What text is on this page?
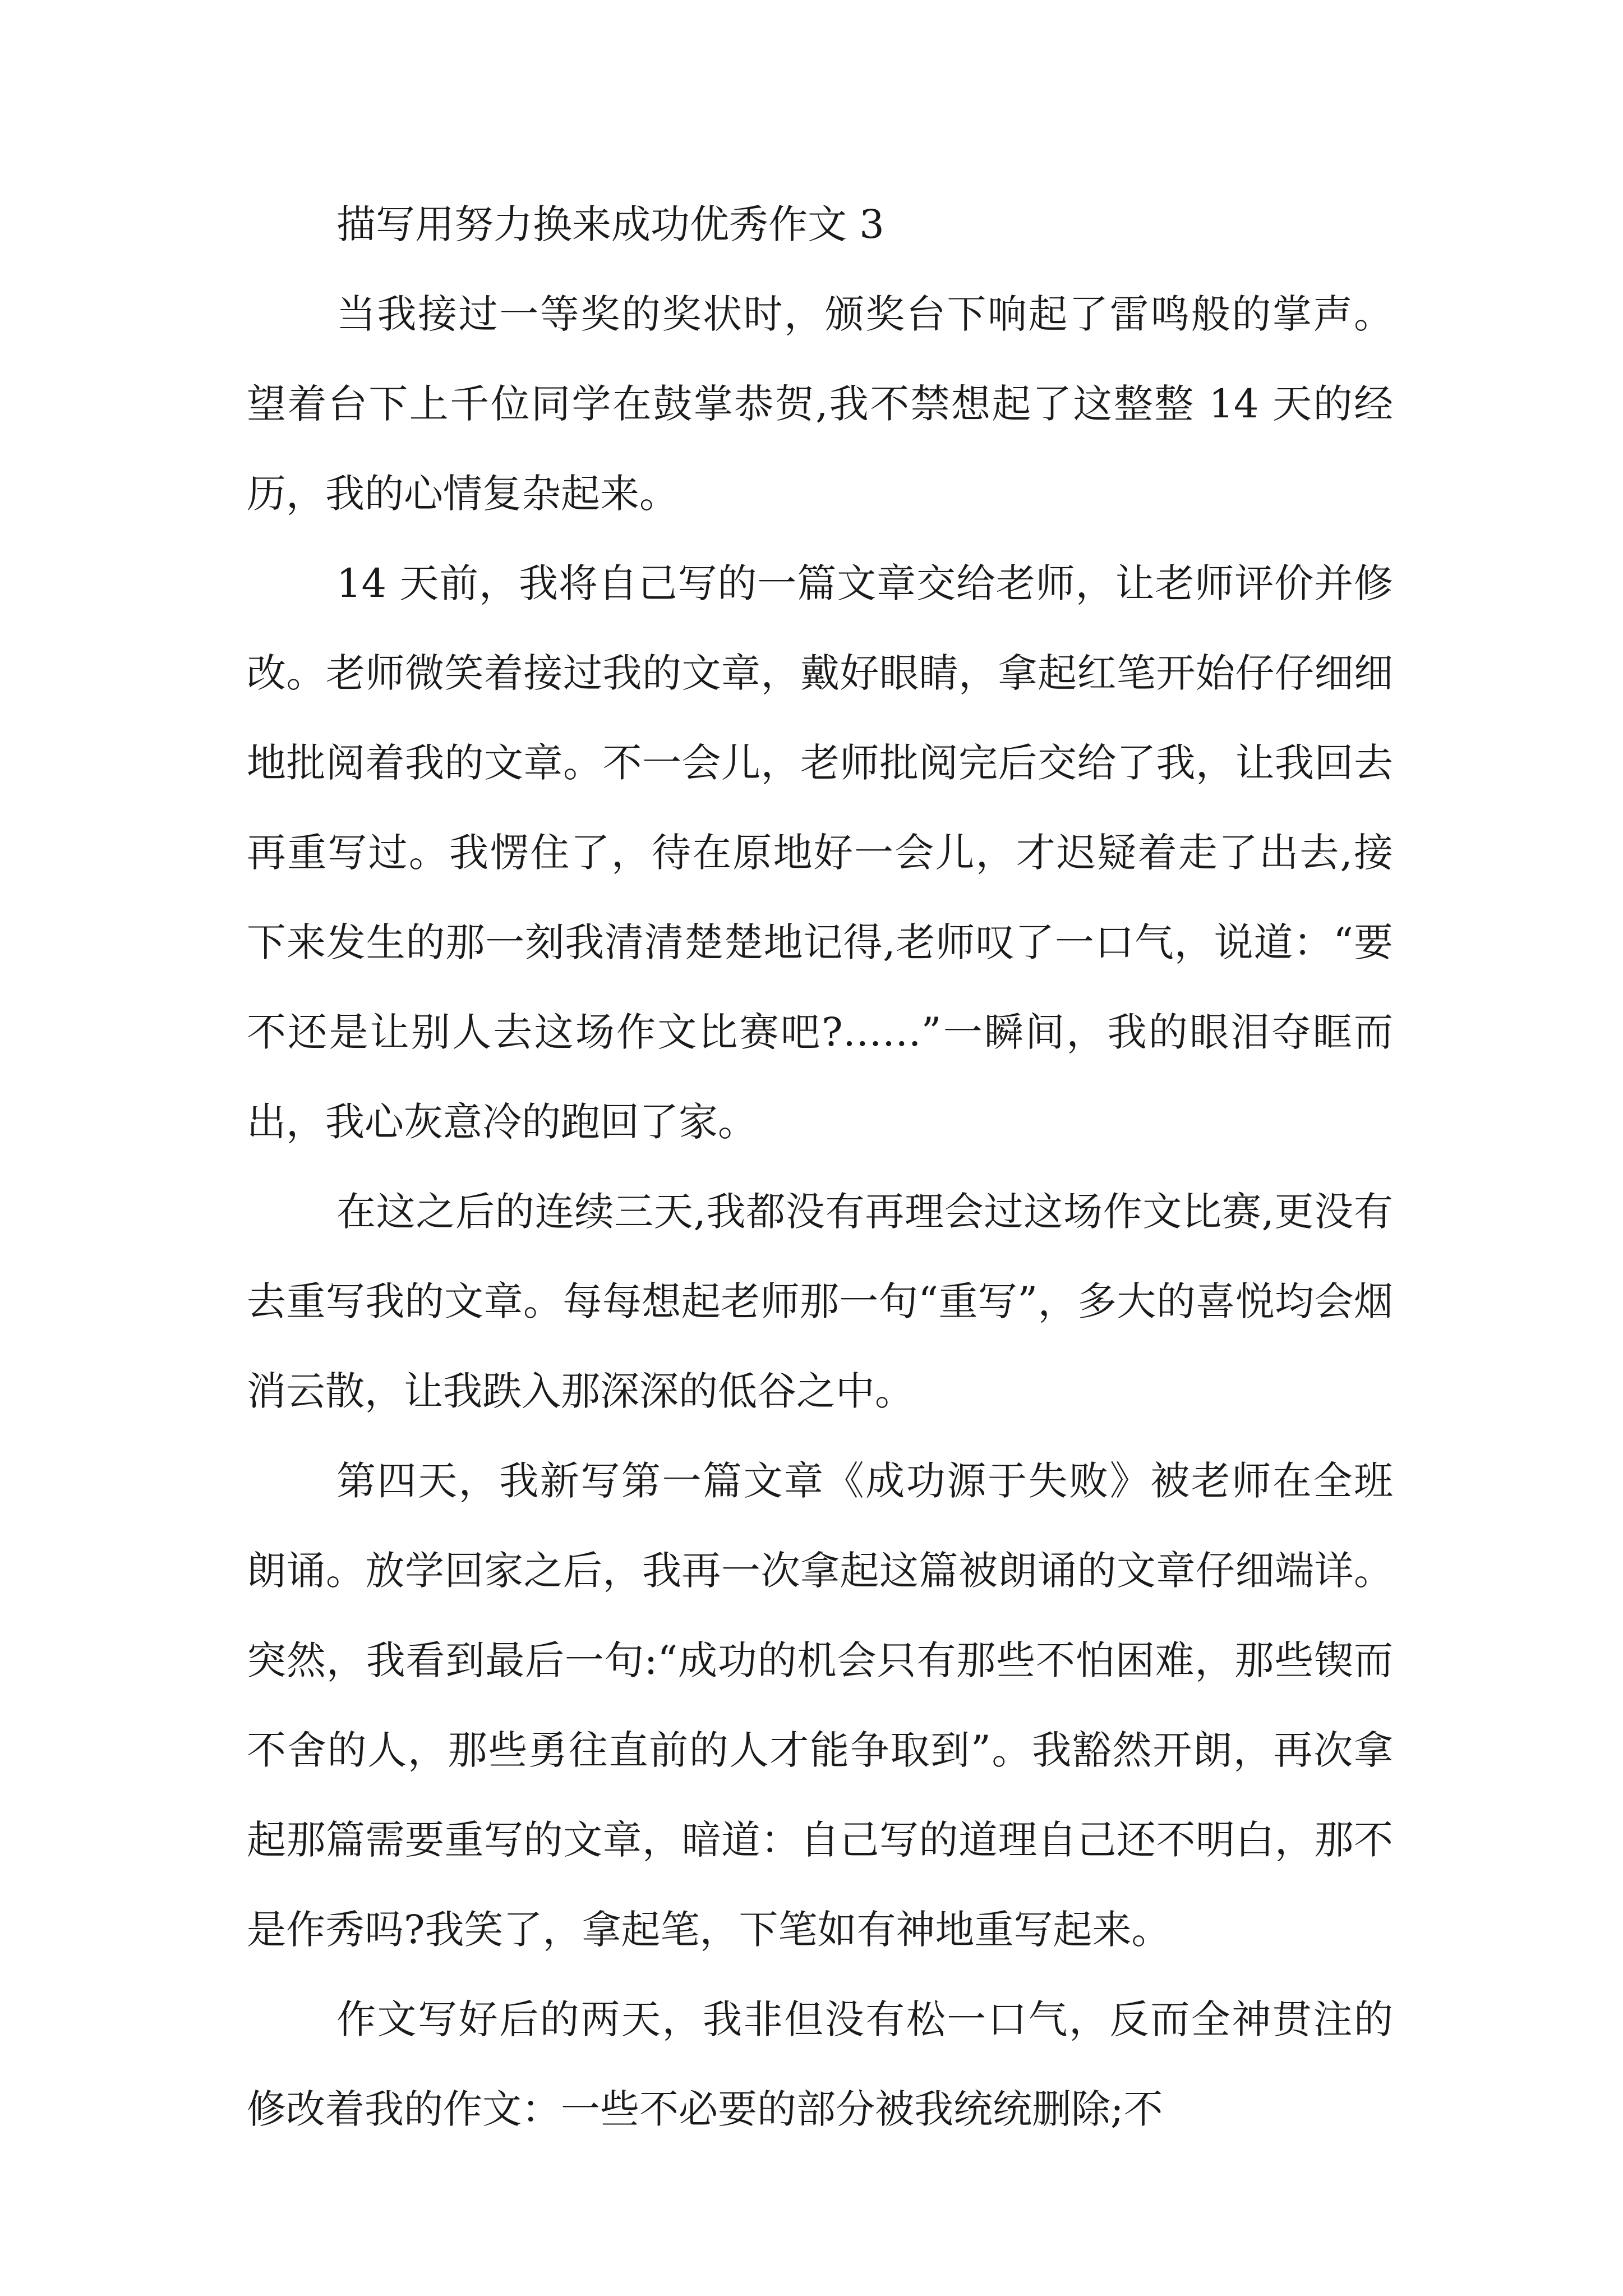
描写用努力换来成功优秀作文 3

当我接过一等奖的奖状时，颁奖台下响起了雷鸣般的掌声。望着台下上千位同学在鼓掌恭贺,我不禁想起了这整整 14 天的经历，我的心情复杂起来。

14 天前，我将自己写的一篇文章交给老师，让老师评价并修改。老师微笑着接过我的文章，戴好眼睛，拿起红笔开始仔仔细细地批阅着我的文章。不一会儿，老师批阅完后交给了我，让我回去再重写过。我愣住了，待在原地好一会儿，才迟疑着走了出去,接下来发生的那一刻我清清楚楚地记得,老师叹了一口气，说道：“要不还是让别人去这场作文比赛吧?……”一瞬间，我的眼泪夺眶而出，我心灰意冷的跑回了家。

在这之后的连续三天,我都没有再理会过这场作文比赛,更没有去重写我的文章。每每想起老师那一句“重写”，多大的喜悦均会烟消云散，让我跌入那深深的低谷之中。

第四天，我新写第一篇文章《成功源于失败》被老师在全班朗诵。放学回家之后，我再一次拿起这篇被朗诵的文章仔细端详。突然，我看到最后一句:“成功的机会只有那些不怕困难，那些锲而不舍的人，那些勇往直前的人才能争取到”。我豁然开朗，再次拿起那篇需要重写的文章，暗道：自己写的道理自己还不明白，那不是作秀吗?我笑了，拿起笔，下笔如有神地重写起来。

作文写好后的两天，我非但没有松一口气，反而全神贯注的修改着我的作文：一些不必要的部分被我统统删除;不
